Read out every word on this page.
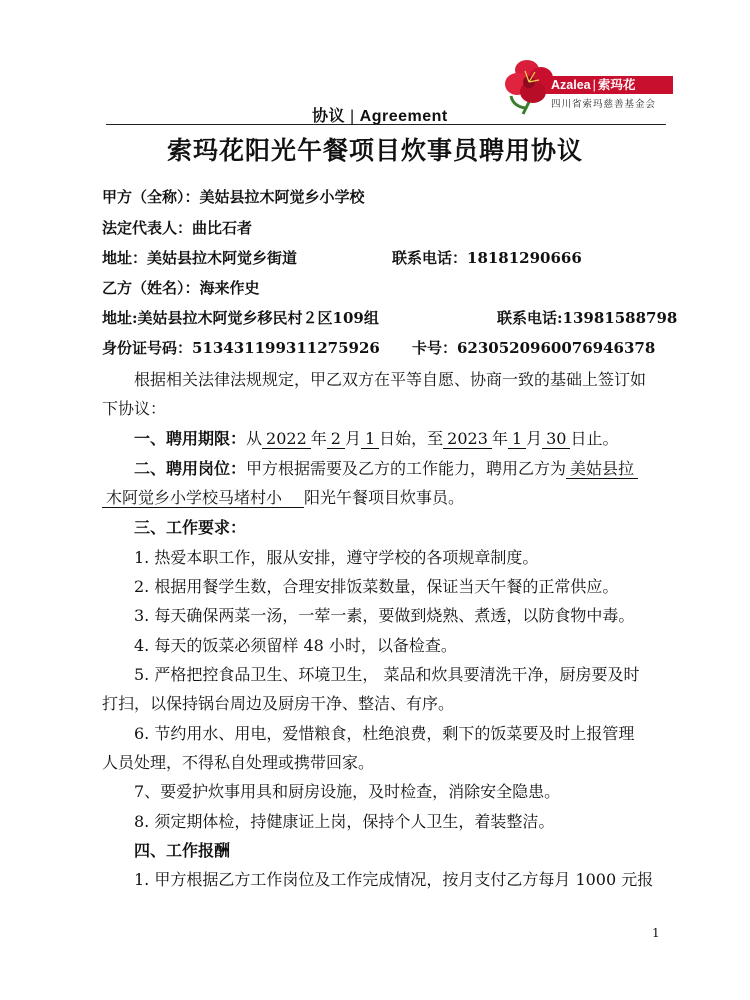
Azalea | 索玛花
四川省索玛慈善基金会
协议 | Agreement
索玛花阳光午餐项目炊事员聘用协议
甲方（全称）：美姑县拉木阿觉乡小学校
法定代表人：曲比石者
地址：美姑县拉木阿觉乡街道	联系电话：18181290666
乙方（姓名）：海来作史
地址:美姑县拉木阿觉乡移民村２区109组	联系电话:13981588798
身份证号码：513431199311275926 卡号：6230520960076946378
根据相关法律法规规定，甲乙双方在平等自愿、协商一致的基础上签订如
下协议：
一、聘用期限：从 2022 年 2 月 1 日始，至 2023 年 1 月 30 日止。
二、聘用岗位：甲方根据需要及乙方的工作能力，聘用乙方为 美姑县拉
木阿觉乡小学校马堵村小 阳光午餐项目炊事员。
三、工作要求：
1. 热爱本职工作，服从安排，遵守学校的各项规章制度。
2. 根据用餐学生数，合理安排饭菜数量，保证当天午餐的正常供应。
3. 每天确保两菜一汤，一荤一素，要做到烧熟、煮透，以防食物中毒。
4. 每天的饭菜必须留样 48 小时，以备检查。
5. 严格把控食品卫生、环境卫生， 菜品和炊具要清洗干净，厨房要及时
打扫，以保持锅台周边及厨房干净、整洁、有序。
6. 节约用水、用电，爱惜粮食，杜绝浪费，剩下的饭菜要及时上报管理
人员处理，不得私自处理或携带回家。
7、要爱护炊事用具和厨房设施，及时检查，消除安全隐患。
8. 须定期体检，持健康证上岗，保持个人卫生，着装整洁。
四、工作报酬
1. 甲方根据乙方工作岗位及工作完成情况，按月支付乙方每月 1000 元报
1
